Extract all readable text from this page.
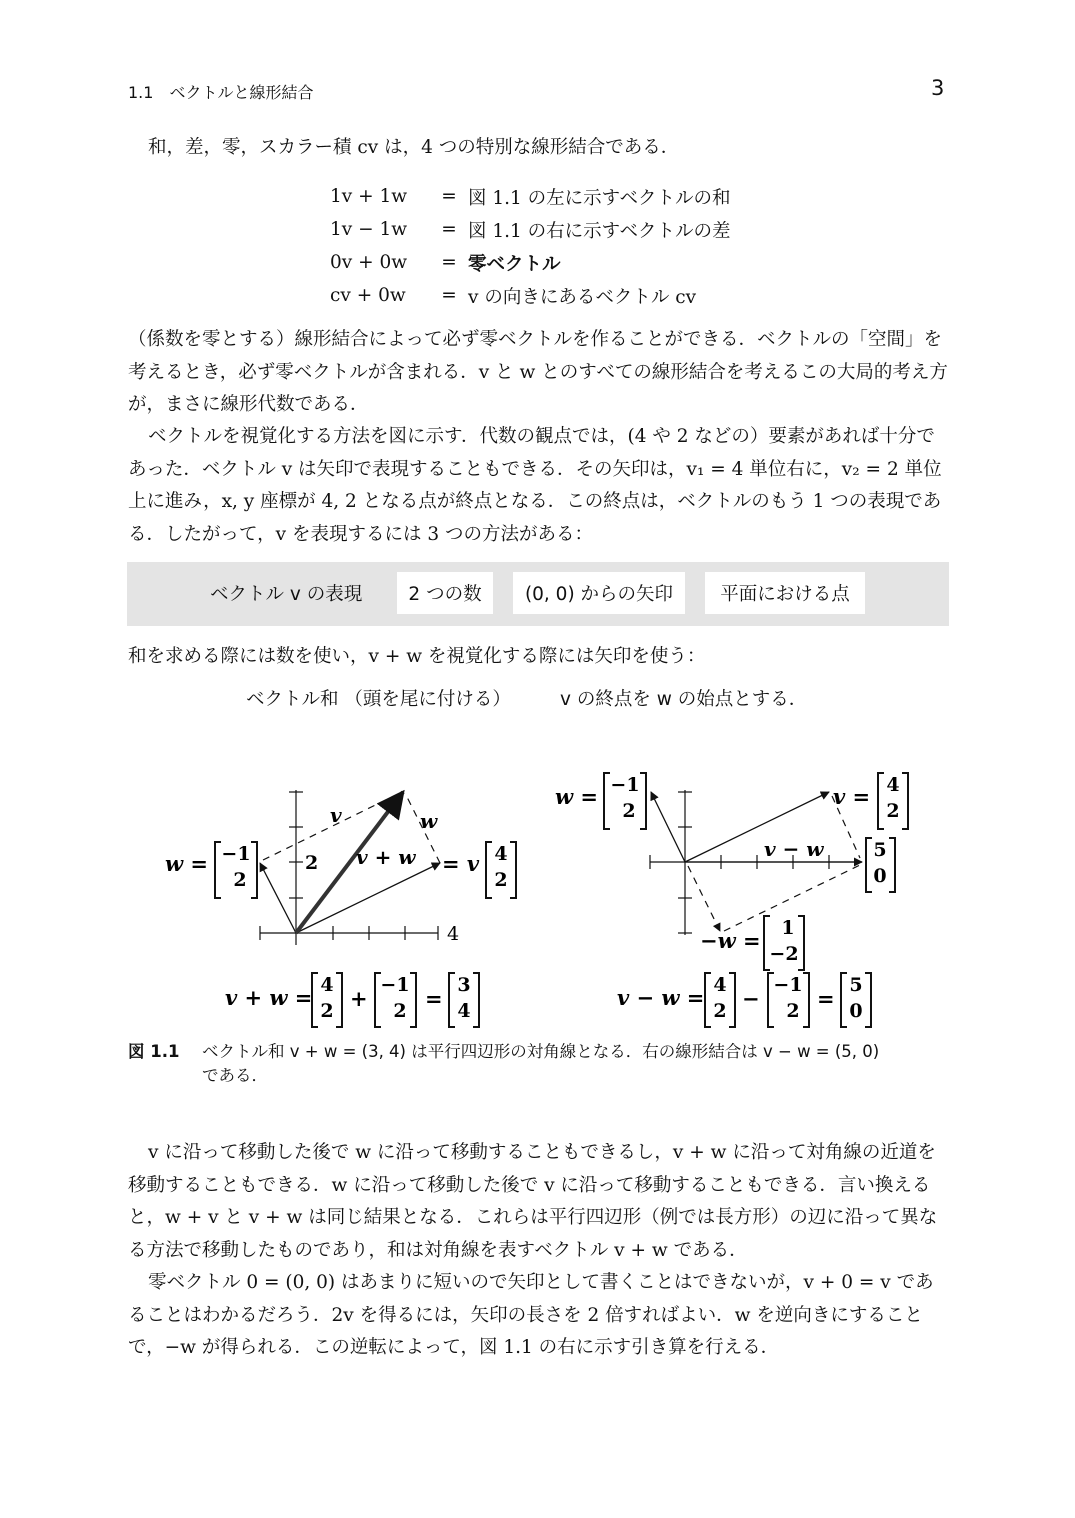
1.1　ベクトルと線形結合	3
和，差，零，スカラー積 cv は，4 つの特別な線形結合である．
1v + 1w	= 図 1.1 の左に示すベクトルの和
1v − 1w	= 図 1.1 の右に示すベクトルの差
0v + 0w	= 零ベクトル
cv + 0w	= v の向きにあるベクトル cv
（係数を零とする）線形結合によって必ず零ベクトルを作ることができる．ベクトルの「空間」を考えるとき，必ず零ベクトルが含まれる．v と w とのすべての線形結合を考えるこの大局的考え方が，まさに線形代数である．
ベクトルを視覚化する方法を図に示す．代数の観点では，(4 や 2 などの）要素があれば十分であった．ベクトル v は矢印で表現することもできる．その矢印は，v₁ = 4 単位右に，v₂ = 2 単位上に進み，x, y 座標が 4, 2 となる点が終点となる．この終点は，ベクトルのもう 1 つの表現である．したがって，v を表現するには 3 つの方法がある：
ベクトル v の表現	2 つの数	(0, 0) からの矢印	平面における点
和を求める際には数を使い，v + w を視覚化する際には矢印を使う：
ベクトル和 （頭を尾に付ける）	v の終点を w の始点とする．
v	w
v + w
2
4
w = −1
2
= v 4
2
v + w = 4
2 +
−1
2 =
3
4
v − w
w = −1
2
v = 4
2
5
0
−w = 1
−2
v − w = 4
2 −
−1
2 =
5
0
図 1.1 ベクトル和 v + w = (3, 4) は平行四辺形の対角線となる．右の線形結合は v − w = (5, 0)
である．
v に沿って移動した後で w に沿って移動することもできるし，v + w に沿って対角線の近道を移動することもできる．w に沿って移動した後で v に沿って移動することもできる．言い換えると，w + v と v + w は同じ結果となる．これらは平行四辺形（例では長方形）の辺に沿って異なる方法で移動したものであり，和は対角線を表すベクトル v + w である．
零ベクトル 0 = (0, 0) はあまりに短いので矢印として書くことはできないが，v + 0 = v であることはわかるだろう．2v を得るには，矢印の長さを 2 倍すればよい．w を逆向きにすることで，−w が得られる．この逆転によって，図 1.1 の右に示す引き算を行える．
